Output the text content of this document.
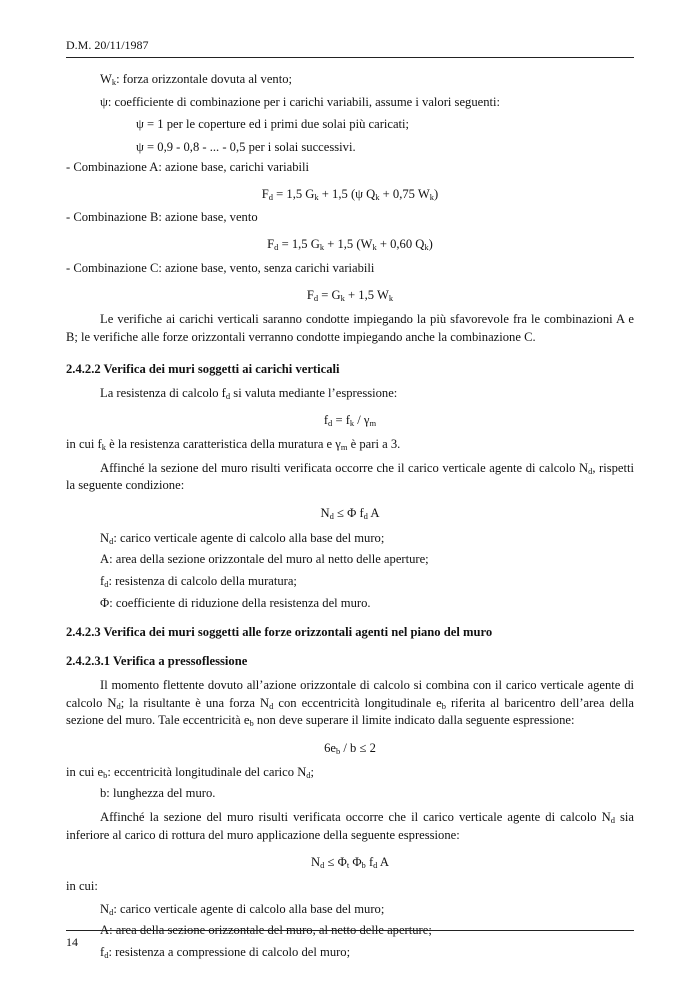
D.M. 20/11/1987

$W_k$: forza orizzontale dovuta al vento;

ψ: coefficiente di combinazione per i carichi variabili, assume i valori seguenti:

ψ = 1 per le coperture ed i primi due solai più caricati;

ψ = 0,9 - 0,8 - ... - 0,5 per i solai successivi.

- Combinazione A: azione base, carichi variabili

$F_d = 1,5$ $G_k + 1,5$ (ψ $Q_k + 0,75$ $W_k$)

- Combinazione B: azione base, vento

$F_d = 1,5$ $G_k + 1,5$ ($W_k + 0,60$ $Q_k$)

- Combinazione C: azione base, vento, senza carichi variabili

$F_d = G_k + 1,5$ $W_k$

Le verifiche ai carichi verticali saranno condotte impiegando la più sfavorevole fra le combinazioni A e B; le verifiche alle forze orizzontali verranno condotte impiegando anche la combinazione C.

2.4.2.2 Verifica dei muri soggetti ai carichi verticali

La resistenza di calcolo $f_d$ si valuta mediante l’espressione:

$f_d = f_k / \gamma_m$

in cui $f_k$ è la resistenza caratteristica della muratura e $\gamma_m$ è pari a 3.

Affinché la sezione del muro risulti verificata occorre che il carico verticale agente di calcolo $N_d$, rispetti la seguente condizione:

$N_d \le \Phi$ $f_d$ A

$N_d$: carico verticale agente di calcolo alla base del muro;

A: area della sezione orizzontale del muro al netto delle aperture;

$f_d$: resistenza di calcolo della muratura;

Φ: coefficiente di riduzione della resistenza del muro.

2.4.2.3 Verifica dei muri soggetti alle forze orizzontali agenti nel piano del muro

2.4.2.3.1 Verifica a pressoflessione

Il momento flettente dovuto all’azione orizzontale di calcolo si combina con il carico verticale agente di calcolo $N_d$; la risultante è una forza $N_d$ con eccentricità longitudinale $e_b$ riferita al baricentro dell’area della sezione del muro. Tale eccentricità $e_b$ non deve superare il limite indicato dalla seguente espressione:

$6e_b / b \le 2$

in cui $e_b$: eccentricità longitudinale del carico $N_d$;

b: lunghezza del muro.

Affinché la sezione del muro risulti verificata occorre che il carico verticale agente di calcolo $N_d$ sia inferiore al carico di rottura del muro applicazione della seguente espressione:

$N_d \le \Phi_t$ $\Phi_b$ $f_d$ A

in cui:

$N_d$: carico verticale agente di calcolo alla base del muro;

A: area della sezione orizzontale del muro, al netto delle aperture;

$f_d$: resistenza a compressione di calcolo del muro;

14
